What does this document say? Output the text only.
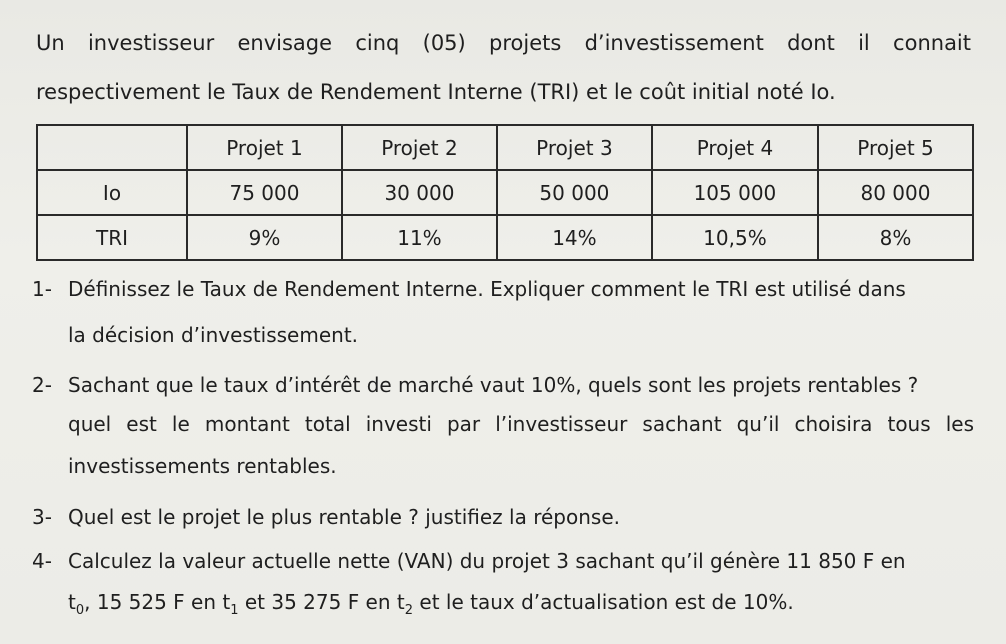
Un investisseur envisage cinq (05) projets d’investissement dont il connait
respectivement le Taux de Rendement Interne (TRI) et le coût initial noté Io.
	Projet 1	Projet 2	Projet 3	Projet 4	Projet 5
Io	75 000	30 000	50 000	105 000	80 000
TRI	9%	11%	14%	10,5%	8%
1- Définissez le Taux de Rendement Interne. Expliquer comment le TRI est utilisé dans
la décision d’investissement.
2- Sachant que le taux d’intérêt de marché vaut 10%, quels sont les projets rentables ?
quel est le montant total investi par l’investisseur sachant qu’il choisira tous les
investissements rentables.
3- Quel est le projet le plus rentable ? justifiez la réponse.
4- Calculez la valeur actuelle nette (VAN) du projet 3 sachant qu’il génère 11 850 F en
$t_0$, 15 525 F en $t_1$ et 35 275 F en $t_2$ et le taux d’actualisation est de 10%.
